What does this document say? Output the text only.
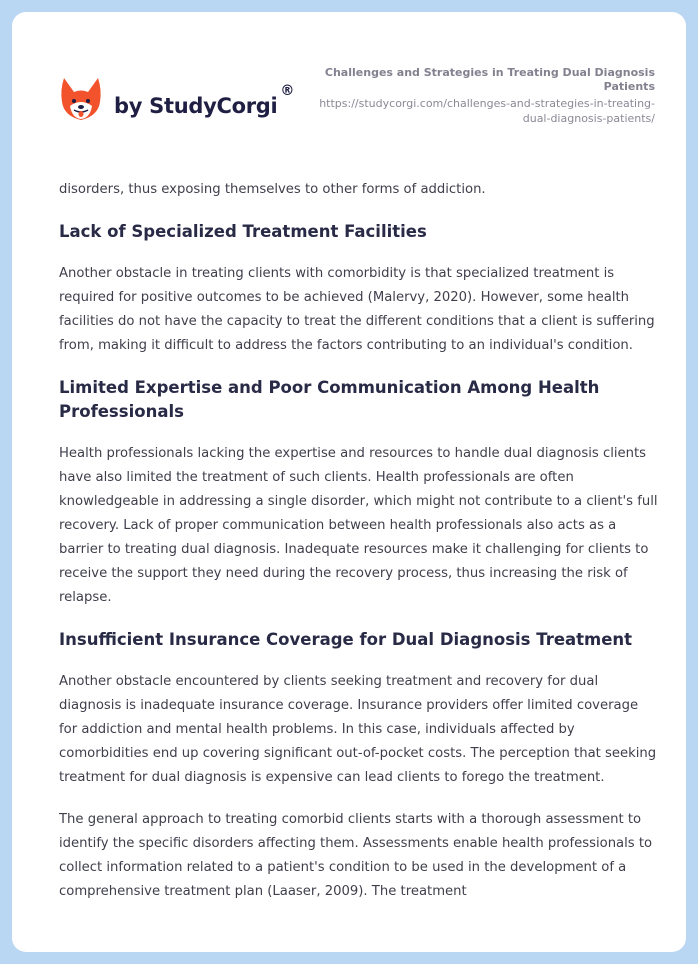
by StudyCorgi
®
Challenges and Strategies in Treating Dual Diagnosis Patients
https://studycorgi.com/challenges-and-strategies-in-treating-dual-diagnosis-patients/

disorders, thus exposing themselves to other forms of addiction.

Lack of Specialized Treatment Facilities

Another obstacle in treating clients with comorbidity is that specialized treatment is required for positive outcomes to be achieved (Malervy, 2020). However, some health facilities do not have the capacity to treat the different conditions that a client is suffering from, making it difficult to address the factors contributing to an individual's condition.

Limited Expertise and Poor Communication Among Health Professionals

Health professionals lacking the expertise and resources to handle dual diagnosis clients have also limited the treatment of such clients. Health professionals are often knowledgeable in addressing a single disorder, which might not contribute to a client's full recovery. Lack of proper communication between health professionals also acts as a barrier to treating dual diagnosis. Inadequate resources make it challenging for clients to receive the support they need during the recovery process, thus increasing the risk of relapse.

Insufficient Insurance Coverage for Dual Diagnosis Treatment

Another obstacle encountered by clients seeking treatment and recovery for dual diagnosis is inadequate insurance coverage. Insurance providers offer limited coverage for addiction and mental health problems. In this case, individuals affected by comorbidities end up covering significant out-of-pocket costs. The perception that seeking treatment for dual diagnosis is expensive can lead clients to forego the treatment.

The general approach to treating comorbid clients starts with a thorough assessment to identify the specific disorders affecting them. Assessments enable health professionals to collect information related to a patient's condition to be used in the development of a comprehensive treatment plan (Laaser, 2009). The treatment
